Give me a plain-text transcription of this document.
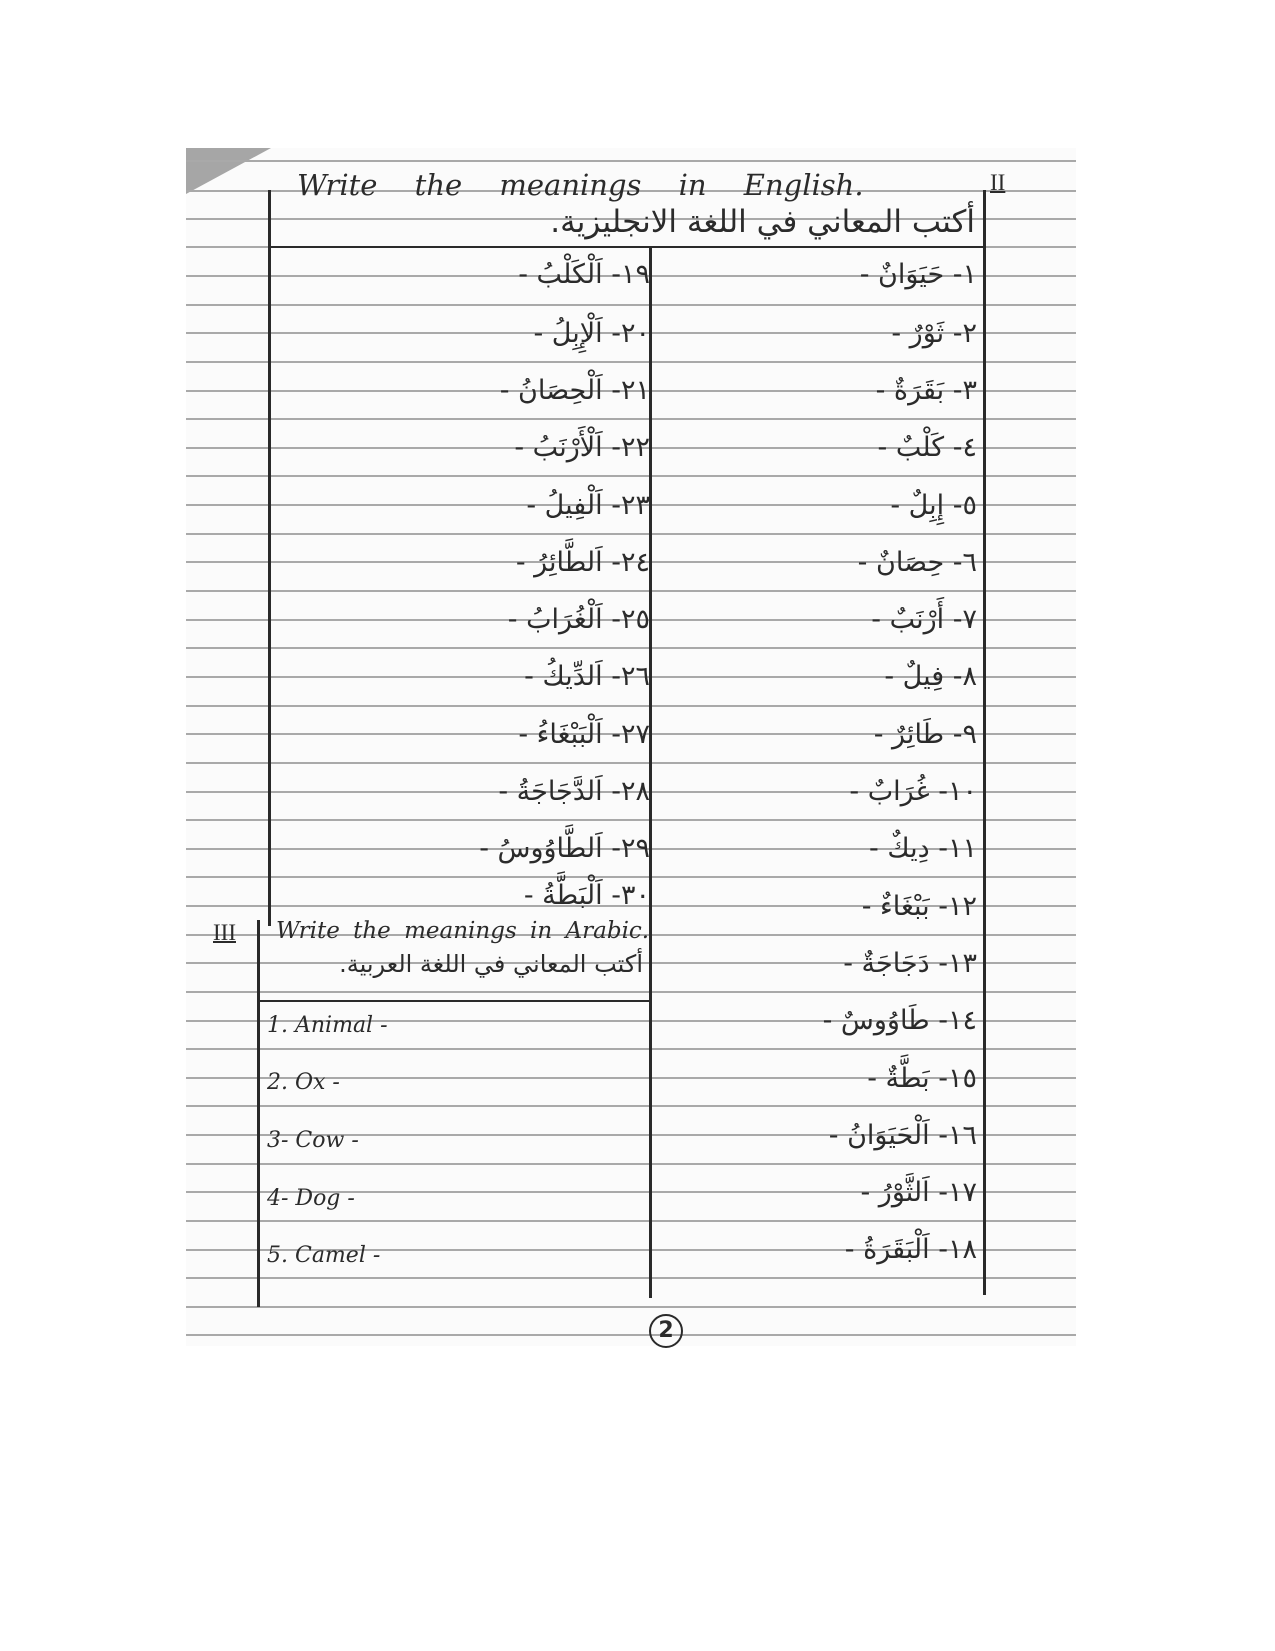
II
Write the meanings in English.
أكتب المعاني في اللغة الانجليزية.
١- حَيَوَانٌ -
٢- ثَوْرٌ -
٣- بَقَرَةٌ -
٤- كَلْبٌ -
٥- إِبِلٌ -
٦- حِصَانٌ -
٧- أَرْنَبٌ -
٨- فِيلٌ -
٩- طَائِرٌ -
١٠- غُرَابٌ -
١١- دِيكٌ -
١٢- بَبْغَاءٌ -
١٣- دَجَاجَةٌ -
١٤- طَاوُوسٌ -
١٥- بَطَّةٌ -
١٦- اَلْحَيَوَانُ -
١٧- اَلثَّوْرُ -
١٨- اَلْبَقَرَةُ -
١٩- اَلْكَلْبُ -
٢٠- اَلْإِبِلُ -
٢١- اَلْحِصَانُ -
٢٢- اَلْأَرْنَبُ -
٢٣- اَلْفِيلُ -
٢٤- اَلطَّائِرُ -
٢٥- اَلْغُرَابُ -
٢٦- اَلدِّيكُ -
٢٧- اَلْبَبْغَاءُ -
٢٨- اَلدَّجَاجَةُ -
٢٩- اَلطَّاوُوسُ -
٣٠- اَلْبَطَّةُ -
III Write the meanings in Arabic.
أكتب المعاني في اللغة العربية.
1. Animal -
2. Ox -
3- Cow -
4- Dog -
5. Camel -
2
